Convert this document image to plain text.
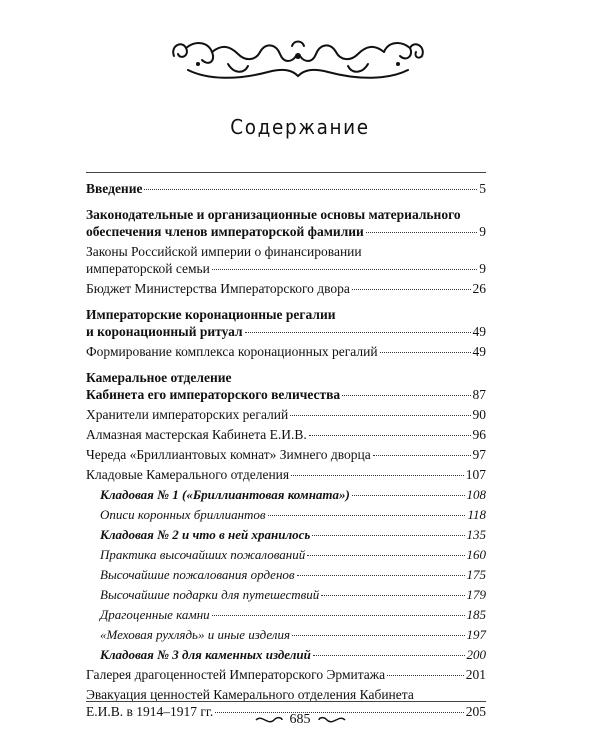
Содержание
Введение	5
Законодательные и организационные основы материального
обеспечения членов императорской фамилии	9
Законы Российской империи о финансировании
императорской семьи	9
Бюджет Министерства Императорского двора	26
Императорские коронационные регалии
и коронационный ритуал	49
Формирование комплекса коронационных регалий	49
Камеральное отделение
Кабинета его императорского величества	87
Хранители императорских регалий	90
Алмазная мастерская Кабинета Е.И.В.	96
Череда «Бриллиантовых комнат» Зимнего дворца	97
Кладовые Камерального отделения	107
Кладовая № 1 («Бриллиантовая комната»)	108
Описи коронных бриллиантов	118
Кладовая № 2 и что в ней хранилось	135
Практика высочайших пожалований	160
Высочайшие пожалования орденов	175
Высочайшие подарки для путешествий	179
Драгоценные камни	185
«Меховая рухлядь» и иные изделия	197
Кладовая № 3 для каменных изделий	200
Галерея драгоценностей Императорского Эрмитажа	201
Эвакуация ценностей Камерального отделения Кабинета
Е.И.В. в 1914–1917 гг.	205
685
